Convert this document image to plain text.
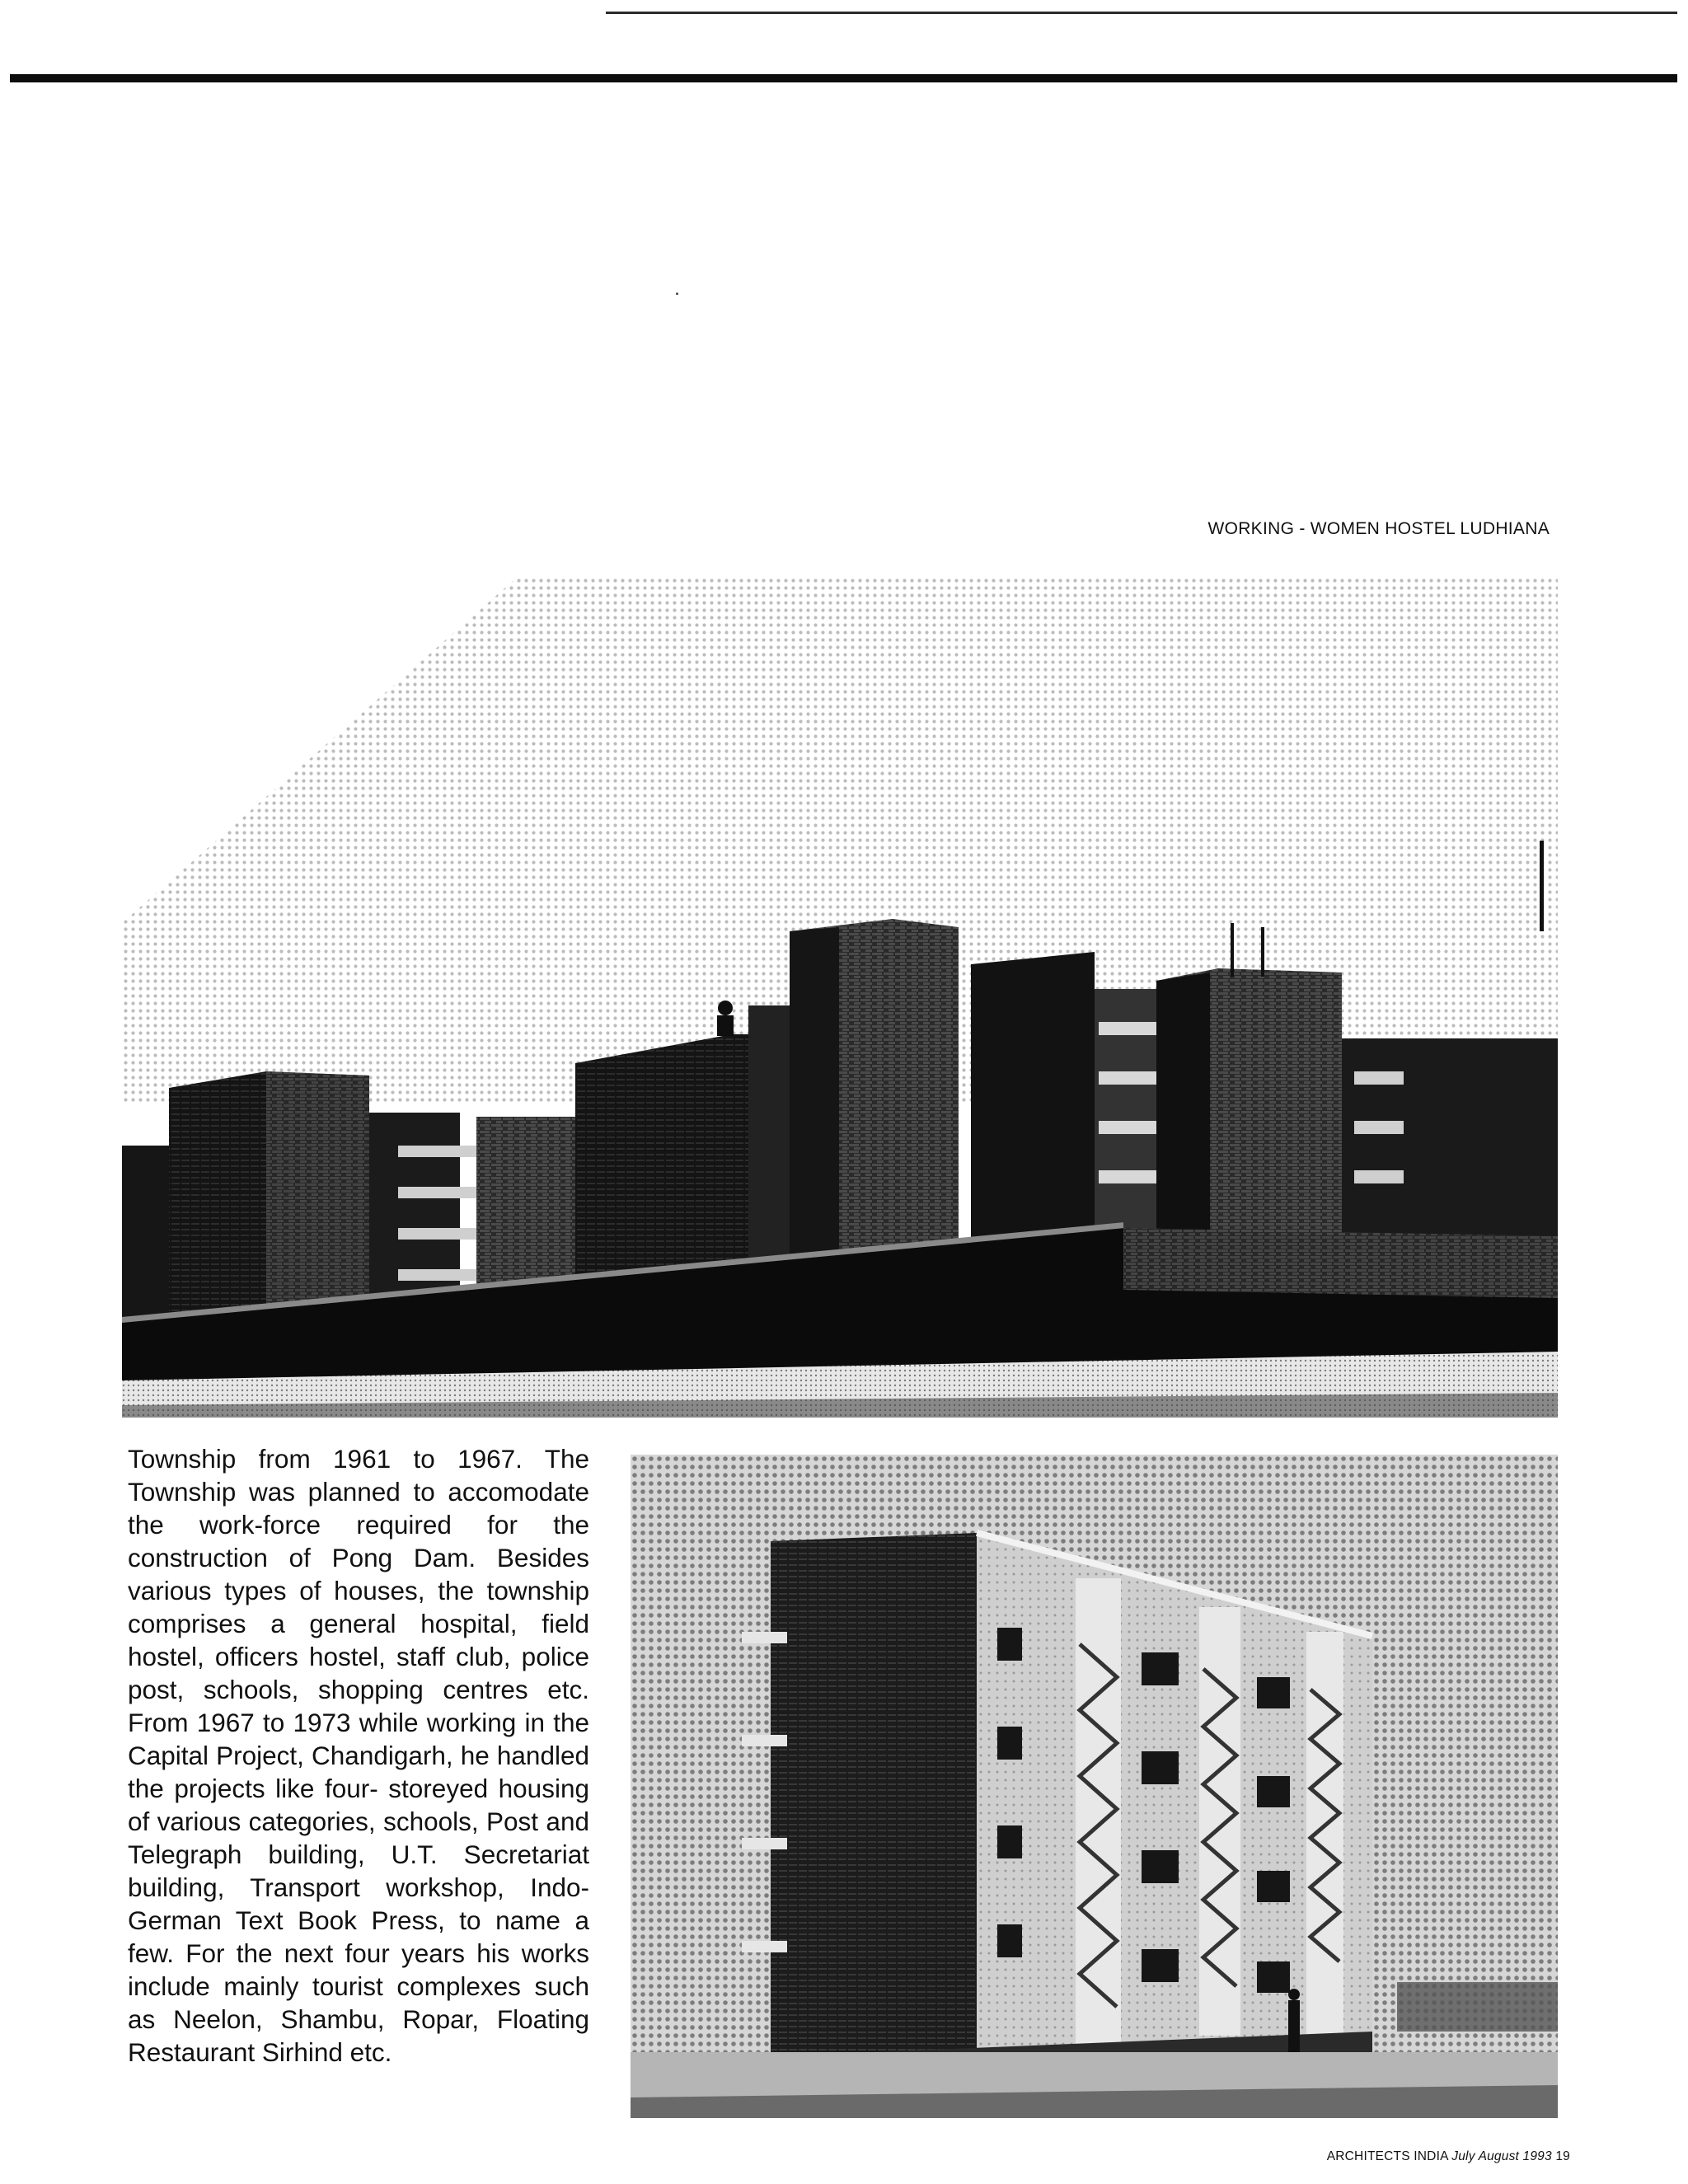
WORKING - WOMEN HOSTEL LUDHIANA

Township from 1961 to 1967. The Township was planned to accomodate the work-force required for the construction of Pong Dam. Besides various types of houses, the township comprises a general hospital, field hostel, officers hostel, staff club, police post, schools, shopping centres etc. From 1967 to 1973 while working in the Capital Project, Chandigarh, he handled the projects like four- storeyed housing of various categories, schools, Post and Telegraph building, U.T. Secretariat building, Transport workshop, Indo-German Text Book Press, to name a few. For the next four years his works include mainly tourist complexes such as Neelon, Shambu, Ropar, Floating Restaurant Sirhind etc.

ARCHITECTS INDIA July August 1993 19
